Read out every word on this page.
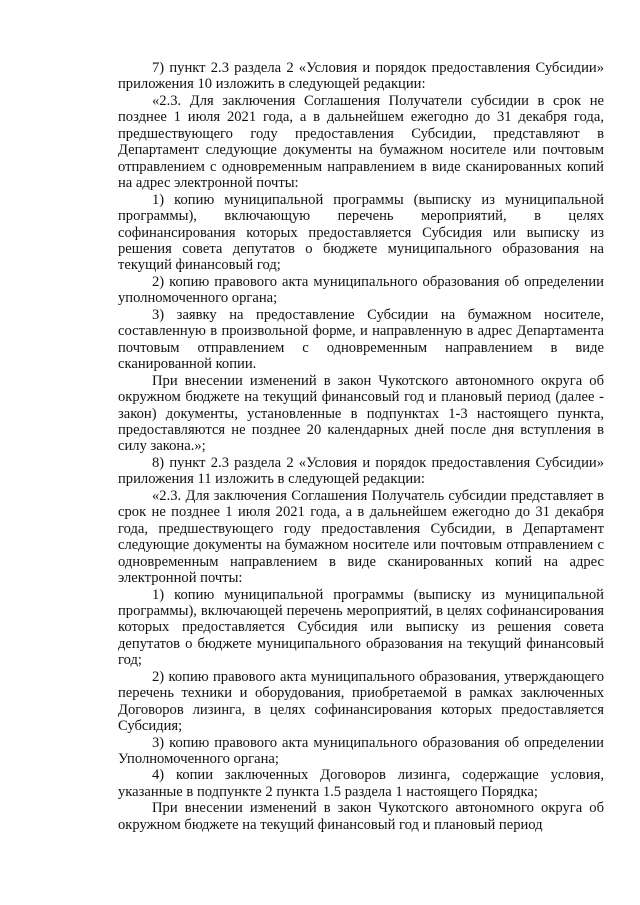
7) пункт 2.3 раздела 2 «Условия и порядок предоставления Субсидии» приложения 10 изложить в следующей редакции:

«2.3. Для заключения Соглашения Получатели субсидии в срок не позднее 1 июля 2021 года, а в дальнейшем ежегодно до 31 декабря года, предшествующего году предоставления Субсидии, представляют в Департамент следующие документы на бумажном носителе или почтовым отправлением с одновременным направлением в виде сканированных копий на адрес электронной почты:

1) копию муниципальной программы (выписку из муниципальной программы), включающую перечень мероприятий, в целях софинансирования которых предоставляется Субсидия или выписку из решения совета депутатов о бюджете муниципального образования на текущий финансовый год;

2) копию правового акта муниципального образования об определении уполномоченного органа;

3) заявку на предоставление Субсидии на бумажном носителе, составленную в произвольной форме, и направленную в адрес Департамента почтовым отправлением с одновременным направлением в виде сканированной копии.

При внесении изменений в закон Чукотского автономного округа об окружном бюджете на текущий финансовый год и плановый период (далее - закон) документы, установленные в подпунктах 1-3 настоящего пункта, предоставляются не позднее 20 календарных дней после дня вступления в силу закона.»;

8) пункт 2.3 раздела 2 «Условия и порядок предоставления Субсидии» приложения 11 изложить в следующей редакции:

«2.3. Для заключения Соглашения Получатель субсидии представляет в срок не позднее 1 июля 2021 года, а в дальнейшем ежегодно до 31 декабря года, предшествующего году предоставления Субсидии, в Департамент следующие документы на бумажном носителе или почтовым отправлением с одновременным направлением в виде сканированных копий на адрес электронной почты:

1) копию муниципальной программы (выписку из муниципальной программы), включающей перечень мероприятий, в целях софинансирования которых предоставляется Субсидия или выписку из решения совета депутатов о бюджете муниципального образования на текущий финансовый год;

2) копию правового акта муниципального образования, утверждающего перечень техники и оборудования, приобретаемой в рамках заключенных Договоров лизинга, в целях софинансирования которых предоставляется Субсидия;

3) копию правового акта муниципального образования об определении Уполномоченного органа;

4) копии заключенных Договоров лизинга, содержащие условия, указанные в подпункте 2 пункта 1.5 раздела 1 настоящего Порядка;

При внесении изменений в закон Чукотского автономного округа об окружном бюджете на текущий финансовый год и плановый период
